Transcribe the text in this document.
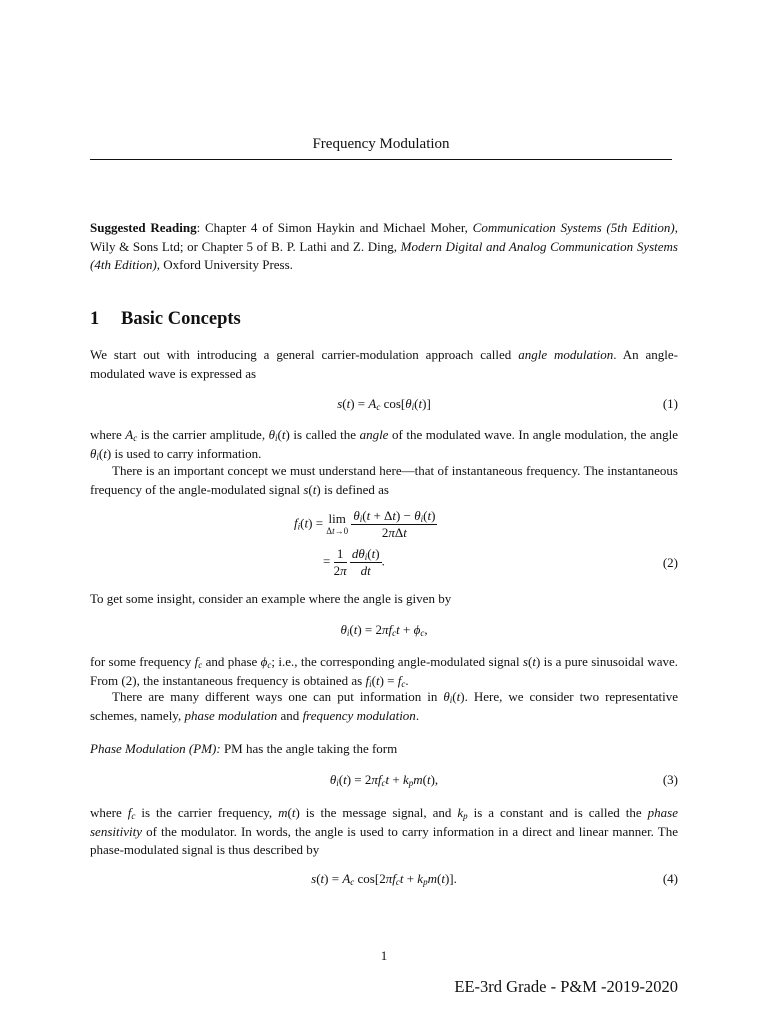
Frequency Modulation
Suggested Reading: Chapter 4 of Simon Haykin and Michael Moher, Communication Systems (5th Edition), Wily & Sons Ltd; or Chapter 5 of B. P. Lathi and Z. Ding, Modern Digital and Analog Communication Systems (4th Edition), Oxford University Press.
1 Basic Concepts
We start out with introducing a general carrier-modulation approach called angle modulation. An angle-modulated wave is expressed as
$s(t) = A_c$ $\cos[\theta_i(t)]$	(1)
where $A_c$ is the carrier amplitude, $\theta_i(t)$ is called the angle of the modulated wave. In angle modulation, the angle $\theta_i(t)$ is used to carry information.
There is an important concept we must understand here—that of instantaneous frequency. The instantaneous frequency of the angle-modulated signal s(t) is defined as
$f_i(t) = \lim$
Δt→0
$\frac{\theta_i(t + \Delta t) - \theta_i(t)}{\text{2πΔt}}$
= $\frac{1}{2\pi}$
$\frac{d\theta_i(t)}{dt}$ .	(2)
To get some insight, consider an example where the angle is given by
$\theta_i(t) = 2\pi f_ct + \phi_c$,
for some frequency $f_c$ and phase $\phi_c$; i.e., the corresponding angle-modulated signal s(t) is a pure sinusoidal wave. From (2), the instantaneous frequency is obtained as $f_i(t) = f_c$.
There are many different ways one can put information in $\theta_i(t)$. Here, we consider two representative schemes, namely, phase modulation and frequency modulation.
Phase Modulation (PM): PM has the angle taking the form
$\theta_i(t) = 2\pi f_ct + k_pm(t)$,	(3)
where $f_c$ is the carrier frequency, m(t) is the message signal, and $k_p$ is a constant and is called the phase sensitivity of the modulator. In words, the angle is used to carry information in a direct and linear manner. The phase-modulated signal is thus described by
$s(t) = A_c$ $\cos[2\pi f_ct + k_pm(t)]$.	(4)
1
EE-3rd Grade - P&M -2019-2020
